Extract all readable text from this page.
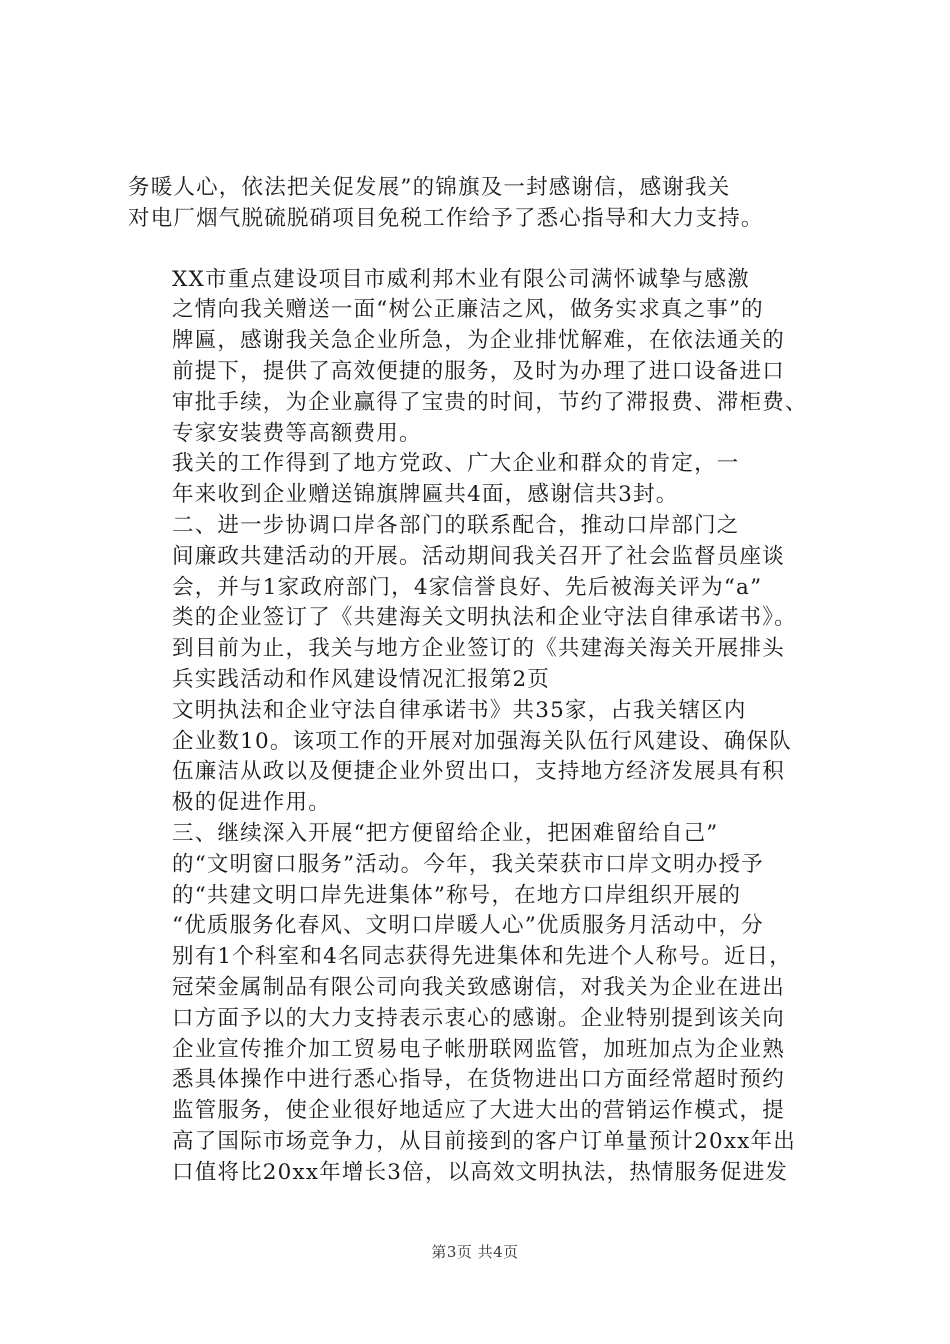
务暖人心，依法把关促发展”的锦旗及一封感谢信，感谢我关
对电厂烟气脱硫脱硝项目免税工作给予了悉心指导和大力支持。

XX市重点建设项目市威利邦木业有限公司满怀诚挚与感激
之情向我关赠送一面“树公正廉洁之风，做务实求真之事”的
牌匾，感谢我关急企业所急，为企业排忧解难，在依法通关的
前提下，提供了高效便捷的服务，及时为办理了进口设备进口
审批手续，为企业赢得了宝贵的时间，节约了滞报费、滞柜费、
专家安装费等高额费用。

我关的工作得到了地方党政、广大企业和群众的肯定，一
年来收到企业赠送锦旗牌匾共4面，感谢信共3封。

二、进一步协调口岸各部门的联系配合，推动口岸部门之
间廉政共建活动的开展。活动期间我关召开了社会监督员座谈
会，并与1家政府部门，4家信誉良好、先后被海关评为“a”
类的企业签订了《共建海关文明执法和企业守法自律承诺书》。
到目前为止，我关与地方企业签订的《共建海关海关开展排头
兵实践活动和作风建设情况汇报第2页

文明执法和企业守法自律承诺书》共35家，占我关辖区内
企业数10。该项工作的开展对加强海关队伍行风建设、确保队
伍廉洁从政以及便捷企业外贸出口，支持地方经济发展具有积
极的促进作用。

三、继续深入开展“把方便留给企业，把困难留给自己”
的“文明窗口服务”活动。今年，我关荣获市口岸文明办授予
的“共建文明口岸先进集体”称号，在地方口岸组织开展的
“优质服务化春风、文明口岸暖人心”优质服务月活动中，分
别有1个科室和4名同志获得先进集体和先进个人称号。近日，
冠荣金属制品有限公司向我关致感谢信，对我关为企业在进出
口方面予以的大力支持表示衷心的感谢。企业特别提到该关向
企业宣传推介加工贸易电子帐册联网监管，加班加点为企业熟
悉具体操作中进行悉心指导，在货物进出口方面经常超时预约
监管服务，使企业很好地适应了大进大出的营销运作模式，提
高了国际市场竞争力，从目前接到的客户订单量预计20xx年出
口值将比20xx年增长3倍，以高效文明执法，热情服务促进发

第3页 共4页
